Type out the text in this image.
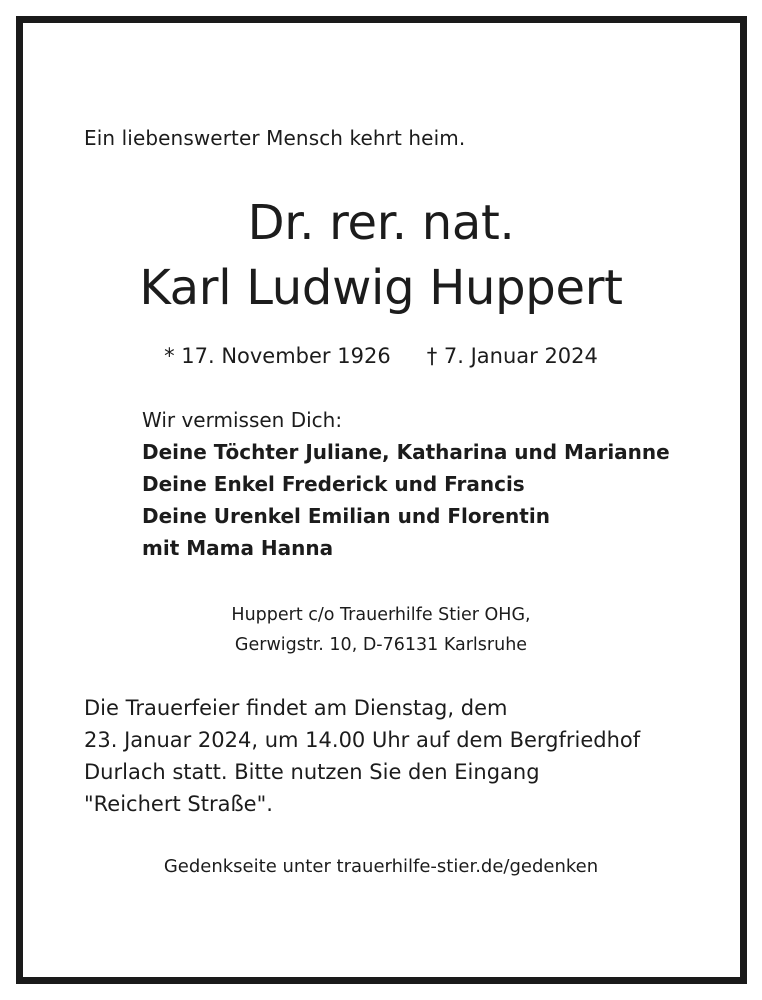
Ein liebenswerter Mensch kehrt heim.
Dr. rer. nat.
Karl Ludwig Huppert
* 17. November 1926 † 7. Januar 2024
Wir vermissen Dich:
Deine Töchter Juliane, Katharina und Marianne
Deine Enkel Frederick und Francis
Deine Urenkel Emilian und Florentin
mit Mama Hanna
Huppert c/o Trauerhilfe Stier OHG,
Gerwigstr. 10, D-76131 Karlsruhe
Die Trauerfeier findet am Dienstag, dem
23. Januar 2024, um 14.00 Uhr auf dem Bergfriedhof
Durlach statt. Bitte nutzen Sie den Eingang
"Reichert Straße".
Gedenkseite unter trauerhilfe-stier.de/gedenken
